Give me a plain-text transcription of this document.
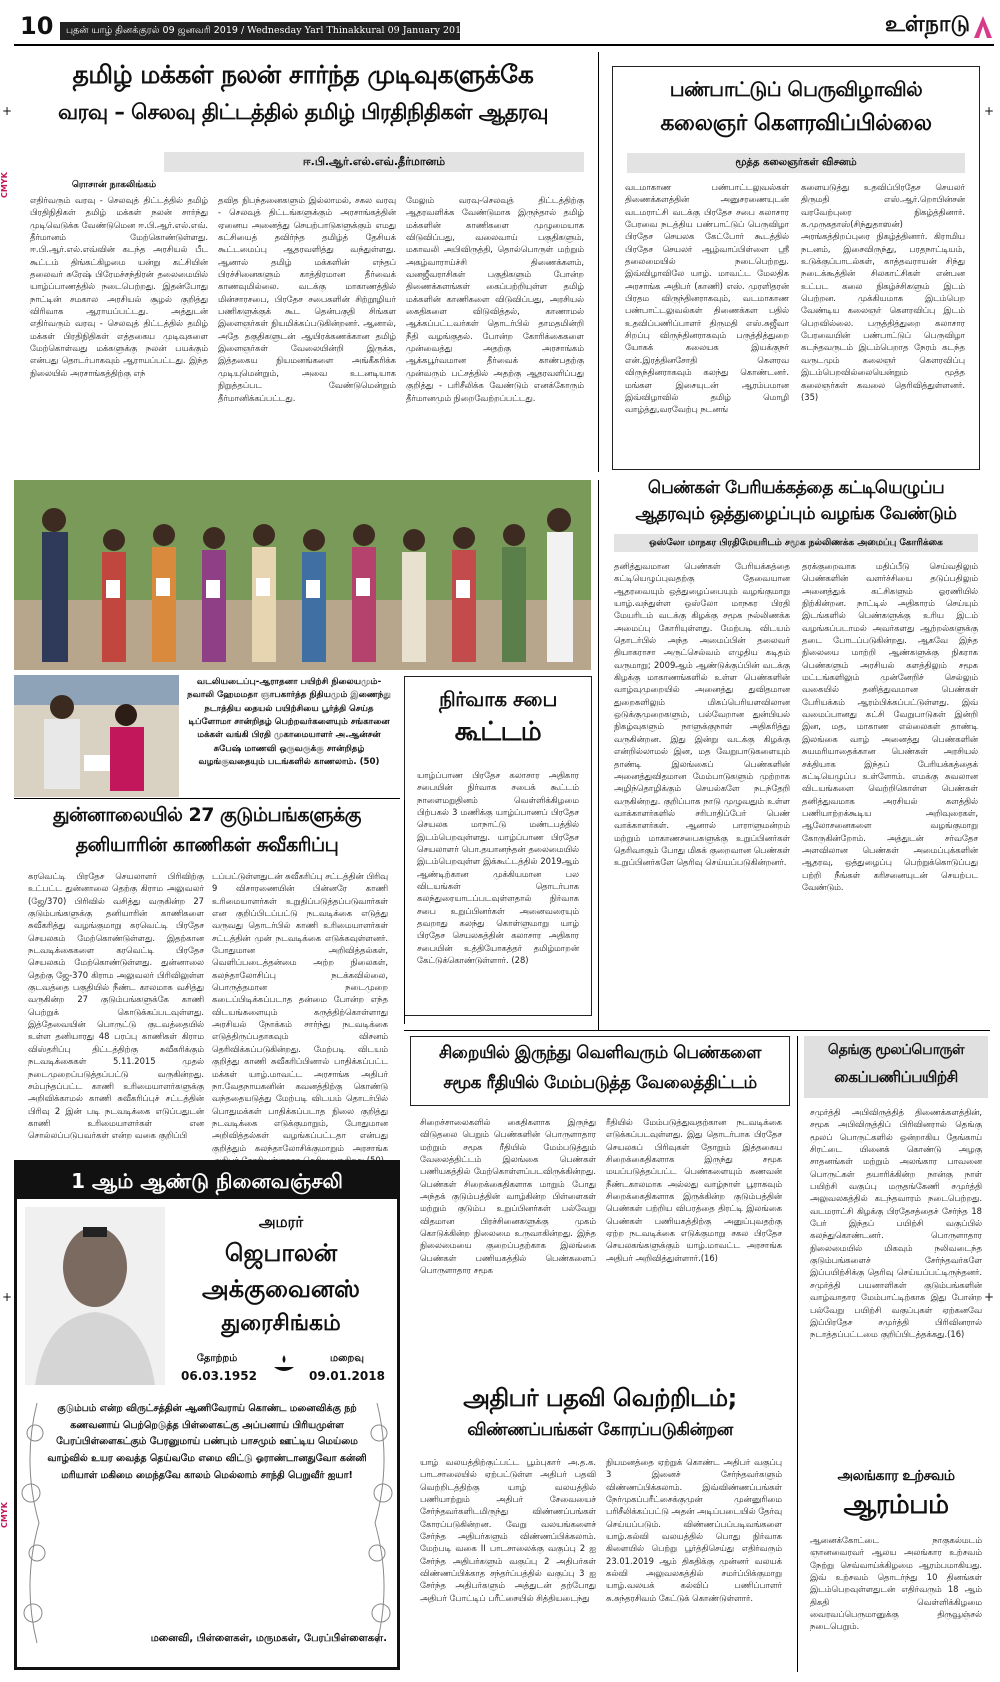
10	புதன் யாழ் தினக்குரல் 09 ஜனவரி 2019 / Wednesday Yarl Thinakkural 09 January 2019	உள்நாடு
CMYK
CMYK
+
+
+
+
தமிழ் மக்கள் நலன் சார்ந்த முடிவுகளுக்கே
வரவு – செலவு திட்டத்தில் தமிழ் பிரதிநிதிகள் ஆதரவு
ஈ.பி.ஆர்.எல்.எவ்.தீர்மானம்
ரொசான் நாகலிங்கம்
எதிர்வரும் வரவு - செலவுத் திட்டத்தில் தமிழ் பிரதிநிதிகள் தமிழ் மக்கள் நலன் சார்ந்து முடிவெடுக்க வேண்டுமென ஈ.பி.ஆர்.எல்.எவ். தீர்மானம் மேற்கொண்டுள்ளது. ஈ.பி.ஆர்.எல்.எவ்வின் கடந்த அரசியல் பீட கூட்டம் திங்கட்கிழமை யன்று கட்சியின் தலைவர் சுரேஷ் பிரேமச்சந்திரன் தலைமையில் யாழ்ப்பாணத்தில் நடைபெற்றது. இதன்போது நாட்டின் சமகால அரசியல் சூழல் குறித்து விரிவாக ஆராயப்பட்டது. அத்துடன் எதிர்வரும் வரவு - செலவுத் திட்டத்தில் தமிழ் மக்கள் பிரதிநிதிகள் எத்தகைய முடிவுகளை மேற்கொள்வது மக்களுக்கு நலன் பயக்கும் என்பது தொடர்பாகவும் ஆராயப்பட்டது. இந்த நிலையில் அரசாங்கத்திற்கு எந்
தவித நிபந்தனைகளும் இல்லாமல், சகல வரவு - செலவுத் திட்டங்களுக்கும் அரசாங்கத்தின் ஏனைய அனைத்து செயற்பாடுகளுக்கும் எமது கட்சியைத் தவிர்ந்த தமிழ்த் தேசியக் கூட்டமைப்பு ஆதரவளித்து வந்துள்ளது. ஆனால் தமிழ் மக்களின் எந்தப் பிரச்சினைகளும் காத்திரமான தீர்வைக் காணவுமில்லை. வடக்கு மாகாணத்தில் மின்சாரசபை, பிரதேச சபைகளின் சிற்றூழியர் பணிகளுக்குக் கூட தென்பகுதி சிங்கள இளைஞர்கள் நியமிக்கப்படுகின்றனர். ஆனால், அதே தகுதிகளுடன் ஆயிரக்கணக்கான தமிழ் இளைஞர்கள் வேலையின்றி இருக்க, இத்தகைய நியமனங்களை அங்கீகரிக்க முடியுமென்றும், அவை உடனடியாக நிறுத்தப்பட வேண்டுமென்றும் தீர்மானிக்கப்பட்டது.
மேலும் வரவு-செலவுத் திட்டத்திற்கு ஆதரவளிக்க வேண்டுமாக இருந்தால் தமிழ் மக்களின் காணிகளை முழுமையாக விடுவிப்பது, வலைவாய் பகுதிகளும், மகாவலி அபிவிருத்தி, தொல்பொருள் மற்றும் அகழ்வாராய்ச்சி திணைக்களம், வனஜீவராசிகள் பகுதிகளும் போன்ற திணைக்களங்கள் கைப்பற்றியுள்ள தமிழ் மக்களின் காணிகளை விடுவிப்பது, அரசியல் கைதிகளை விடுவித்தல், காணாமல் ஆக்கப்பட்டவர்கள் தொடர்பில் தாமதமின்றி நீதி வழங்குதல். போன்ற கோரிக்கைகளை முன்வைத்து அதற்கு அரசாங்கம் ஆக்கபூர்வமான தீர்வைக் காண்பதற்கு முன்வரும் பட்சத்தில் அதற்கு ஆதரவளிப்பது குறித்து - பரிசீலிக்க வேண்டும் எனக்கோரும் தீர்மானமும் நிறைவேற்றப்பட்டது.
பண்பாட்டுப் பெருவிழாவில்
கலைஞர் கௌரவிப்பில்லை
மூத்த கலைஞர்கள் விசனம்
வடமாகாண பண்பாட்டலுவல்கள் திணைக்களத்தின் அனுசரணையுடன் வடமராட்சி வடக்கு பிரதேச சபை கலாசார பேரவை நடத்திய பண்பாட்டுப் பெருவிழா பிரதேச செயலக கேட்போர் கூடத்தில் பிரதேச செயலர் ஆழ்வாப்பிள்ளை ஸ்ரீ தலைமையில் நடைபெற்றது. இவ்விழாவிலே யாழ். மாவட்ட மேலதிக அரசாங்க அதிபர் (காணி) எஸ். முரளிதரன் பிரதம விருந்தினராகவும், வடமாகாண பண்பாட்டலுவல்கள் திணைக்கள பதில் உதவிப்பணிப்பாளர் திருமதி எஸ்.சுஜீவா சிறப்பு விருந்தினராகவும் பருத்தித்துறை யோகக் கலையக இயக்குநர் என்.இரத்தினசோதி கௌரவ விருந்தினராகவும் கலந்து கொண்டனர். மங்கள இசையுடன் ஆரம்பமான இவ்விழாவில் தமிழ் மொழி வாழ்த்து,வரவேற்பு நடனங்
களையடுத்து உதவிப்பிரதேச செயலர் திருமதி எஸ்.ஆர்.றொபின்சன் வரவேற்புரை நிகழ்த்தினார். க.முருகதாஸ்(சிந்துதாஸன்) அரங்கத்திறப்புரை நிகழ்த்தினார். கிராமிய நடனம், இசைவிருந்து, பரதநாட்டியம், உடுக்குப்பாடல்கள், காத்தவராயன் சிந்து நடைக்கூத்தின் சிலகாட்சிகள் என்பன உட்பட கலை நிகழ்ச்சிகளும் இடம் பெற்றன. முக்கியமாக இடம்பெற வேண்டிய கலைஞர் கௌரவிப்பு இடம் பெறவில்லை. பருத்தித்துறை கலாசார பேரவையின் பண்பாட்டுப் பெருவிழா கடந்தவருடம் இடம்பெறாத நேரம் கடந்த வருடமும் கலைஞர் கௌரவிப்பு இடம்பெறவில்லையென்றும் மூத்த கலைஞர்கள் கவலை தெரிவித்துள்ளனர்.(35)
வடலியடைப்பு-ஆராதனா பயிற்சி நிலையமும்-நவாலி ஹேமமதா ஞாபகார்த்த நிதியமும் இணைந்து நடாத்திய தையல் பயிற்சியை பூர்த்தி செய்த டிப்ளோமா சான்றிதழ் பெற்றவர்களையும் சங்கானை மக்கள் வங்கி பிரதி முகாமையாளர் அ.ஆன்சன் சுபேஷ் மாணவி ஒருவருக்கு சான்றிதழ் வழங்குவதையும் படங்களில் காணலாம். (50)
நிர்வாக சபை
கூட்டம்
யாழ்ப்பாண பிரதேச கலாசார அதிகார சபையின் நிர்வாக சபைக் கூட்டம் நாளைமறுதினம் வெள்ளிக்கிழமை பிற்பகல் 3 மணிக்கு யாழ்ப்பாணப் பிரதேச செயலக மாநாட்டு மண்டபத்தில் இடம்பெறவுள்ளது. யாழ்ப்பாண பிரதேச செயலாளர் பொ.தயானந்தன் தலைமையில் இடம்பெறவுள்ள இக்கூட்டத்தில் 2019ஆம் ஆண்டிற்கான முக்கியமான பல விடயங்கள் தொடர்பாக கலந்துரையாடப்படவுள்ளதால் நிர்வாக சபை உறுப்பினர்கள் அனைவரையும் தவறாது கலந்து கொள்ளுமாறு யாழ் பிரதேச செயலகத்தின் கலாசார அதிகார சபையின் உத்தியோகத்தர் தமிழ்மாறன் கேட்டுக்கொண்டுள்ளார். (28)
பெண்கள் பேரியக்கத்தை கட்டியெழுப்ப
ஆதரவும் ஒத்துழைப்பும் வழங்க வேண்டும்
ஒஸ்லோ மாநகர பிரதிமேயரிடம் சமூக நல்லிணக்க அமைப்பு கோரிக்கை
தனித்துவமான பெண்கள் பேரியக்கத்தை கட்டியெழுப்புவதற்கு தேவையான ஆதரவையும் ஒத்துழைப்பையும் வழங்குமாறு யாழ்.வந்துள்ள ஒஸ்லோ மாநகர பிரதி மேயரிடம் வடக்கு கிழக்கு சமூக நல்லிணக்க அமைப்பு கோரியுள்ளது. மேற்படி விடயம் தொடர்பில் அந்த அமைப்பின் தலைவர் தியாகராசா அருட்செல்வம் எழுதிய கடிதம் வருமாறு; 2009ஆம் ஆண்டுக்குப்பின் வடக்கு கிழக்கு மாகாணங்களில் உள்ள பெண்களின் வாழ்வுமுறையில் அனைத்து துவிதமான துறைகளிலும் மிகப்பெரியளவிலான ஒடுக்குமுறைகளும், பல்வேறான துன்பியல் நிகழ்வுகளும் நாளுக்குநாள் அதிகரித்து வருகின்றன. இது இன்று வடக்கு கிழக்கு என்றில்லாமல் இன, மத வேறுபாடுகளையும் தாண்டி இலங்கைப் பெண்களின் அனைத்துவிதமான மேம்பாடுகளும் முற்றாக அழிந்தொழிக்கும் செயல்களே நடந்தேறி வருகின்றது. குறிப்பாக நாடு முழுவதும் உள்ள வாக்காளர்களில் சரிபாதிப்பேர் பெண் வாக்காளர்கள். ஆனால் பாராளுமன்றம் மற்றும் மாகாணசபைகளுக்கு உறுப்பினர்கள் தெரிவாகும் போது மிகக் குறைவான பெண்கள் உறுப்பினர்களே தெரிவு செய்யப்படுகின்றனர்.
தரக்குறைவாக மதிப்பீடு செய்வதிலும் பெண்களின் வளர்ச்சியை தடுப்பதிலும் அனைத்துக் கட்சிகளும் ஓரணியில் நிற்கின்றன. நாட்டில் அதிகாரம் செய்யும் இடங்களில் பெண்களுக்கு உரிய இடம் வழங்கப்படாமல் அவர்களது ஆற்றல்களுக்கு தடை போடப்படுகின்றது. ஆகவே இந்த நிலையை மாற்றி ஆண்களுக்கு நிகராக பெண்களும் அரசியல் களத்திலும் சமூக மட்டங்களிலும் முன்னேறிச் செல்லும் வகையில் தனித்துவமான பெண்கள் பேரியக்கம் ஆரம்பிக்கப்பட்டுள்ளது. இவ் வமைப்பானது கட்சி வேறுபாடுகள் இன்றி இன, மத, மாகாண எல்லைகள் தாண்டி இலங்கை வாழ் அனைத்து பெண்களின் சுயமரியாதைக்கான பெண்கள் அரசியல் சக்தியாக இந்தப் பேரியக்கத்தைக் கட்டியெழுப்ப உள்ளோம். எமக்கு சுவலான விடயங்களை வெற்றிகொள்ள பெண்கள் தனித்துவமாக அரசியல் களத்தில் பணியாற்றக்கூடிய அறிவுரைகள், ஆலோசனைகளை வழங்குமாறு கோருகின்றோம். அத்துடன் சர்வதேச அளவிலான பெண்கள் அமைப்புக்களின் ஆதரவு, ஒத்துழைப்பு பெற்றுக்கொடுப்பது பற்றி நீங்கள் கரிசனையுடன் செயற்பட வேண்டும்.
துன்னாலையில் 27 குடும்பங்களுக்கு
தனியாரின் காணிகள் சுவீகரிப்பு
கரவெட்டி பிரதேச செயலாளர் பிரிவிற்கு உட்பட்ட துன்னாலை தெற்கு கிராம அலுவலர் (ஜே/370) பிரிவில் வசித்து வருகின்ற 27 குடும்பங்களுக்கு தனியாரின் காணிகளை சுவீகரித்து வழங்குமாறு கரவெட்டி பிரதேச செயலகம் மேற்கொண்டுள்ளது. இதற்கான நடவடிக்கைகளை கரவெட்டி பிரதேச செயலகம் மேற்கொண்டுள்ளது. துன்னாலை தெற்கு ஜே-370 கிராம அலுவலர் பிரிவிலுள்ள குடவத்தை பகுதியில் நீண்ட காலமாக வசித்து வருகின்ற 27 குடும்பங்களுக்கே காணி பெற்றுக் கொடுக்கப்படவுள்ளது. இத்தேவையின் பொருட்டு குடவத்தையில் உள்ள தனியாரது 48 பரப்பு காணிகள் கிராம விஸ்தரிப்பு திட்டத்திற்கு சுவீகரிக்கும் நடவடிக்கைகள் 5.11.2015 முதல் நடைமுறைப்படுத்தப்பட்டு வருகின்றது. சம்பந்தப்பட்ட காணி உரிமையாளர்களுக்கு அறிவிக்காமல் காணி சுவீகரிப்புச் சட்டத்தின் பிரிவு 2 இன் படி நடவடிக்கை எடுப்பதுடன் காணி உரிமையாளர்கள் என சொல்லப்படுபவர்கள் என்ற வகை குறிப்பி
டப்பட்டுள்ளதுடன் சுவீகரிப்பு சட்டத்தின் பிரிவு 9 விசாரணையின் பின்னரே காணி உரிமையாளர்கள் உறுதிப்படுத்தப்படுவார்கள் என குறிப்பிடப்பட்டு நடவடிக்கை எடுத்து வருவது தொடர்பில் காணி உரிமையாளர்கள் சட்டத்தின் முன் நடவடிக்கை எடுக்கவுள்ளனர். போதுமான அறிவித்தல்கள், வெளிப்படைத்தன்மை அற்ற நிலைகள், கலந்தாலோசிப்பு நடக்கவில்லை, பொருத்தமான நடைமுறை கடைப்பிடிக்கப்படாத தன்மை போன்ற எந்த விடயங்களையும் கருத்திற்கொள்ளாது அரசியல் நோக்கம் சார்ந்து நடவடிக்கை எடுத்திருப்பதாகவும் விசனம் தெரிவிக்கப்படுகின்றது. மேற்படி விடயம் குறித்து காணி சுவீகரிப்பினால் பாதிக்கப்பட்ட மக்கள் யாழ்.மாவட்ட அரசாங்க அதிபர் நா.வேதநாயகனின் கவனத்திற்கு கொண்டு வந்ததையடுத்து மேற்படி விடயம் தொடர்பில் பொதுமக்கள் பாதிக்கப்படாத நிலை குறித்து நடவடிக்கை எடுக்குமாறும், போதுமான அறிவித்தல்கள் வழங்கப்பட்டதா என்பது குறித்தும் கலந்தாலோசிக்குமாறும் அரசாங்க
1 ஆம் ஆண்டு நினைவஞ்சலி
அமரர்
ஜெபாலன்
அக்குவைனஸ்
துரைசிங்கம்
தோற்றம்	மறைவு
06.03.1952	09.01.2018
குடும்பம் என்ற விருட்சத்தின் ஆணிவேராய் கொண்ட மனைவிக்கு நற் கணவனாய் பெற்றெடுத்த பிள்ளைகட்கு அப்பனாய் பிரியமுள்ள பேரப்பிள்ளைகட்கும் பேரனுமாய் பண்பும் பாசமும் ஊட்டிய மெய்மை வாழ்வில் உயர வைத்த தெய்வமே எமை விட்டு ஓராண்டானதுவோ கன்னி மரியாள் மகிமை மைந்தவே காலம் மெல்லாம் சாந்தி பெறுவீர் ஐயா!
மனைவி, பிள்ளைகள், மருமகள், பேரப்பிள்ளைகள்.
சிறையில் இருந்து வெளிவரும் பெண்களை
சமூக ரீதியில் மேம்படுத்த வேலைத்திட்டம்
சிறைச்சாலைகளில் கைதிகளாக இருந்து விடுதலை பெறும் பெண்களின் பொருளாதார மற்றும் சமூக ரீதியில் மேம்படுத்தும் வேலைத்திட்டம் இலங்கை பெண்கள் பணியகத்தில் மேற்கொள்ளப்படவிருக்கின்றது. பெண்கள் சிறைக்கைதிகளாக மாறும் போது அந்தக் குடும்பத்தின் வாழ்கின்ற பிள்ளைகள் மற்றும் குடும்ப உறுப்பினர்கள் பல்வேறு விதமான பிரச்சினைகளுக்கு முகம் கொடுக்கின்ற நிலைமை உருவாகின்றது. இந்த நிலைமையை குறைப்பதற்காக இலங்கை பெண்கள் பணியகத்தில் பெண்களைப் பொருளாதார சமூக
ரீதியில் மேம்படுத்துவதற்கான நடவடிக்கை எடுக்கப்படவுள்ளது. இது தொடர்பாக பிரதேச செயலகப் பிரிவுகள் தோறும் இத்தகைய சிறைக்கைதிகளாக இருந்து சமூக மயப்படுத்தப்பட்ட பெண்களையும் கணவன் நீண்டகாலமாக அல்லது வாழ்நாள் பூராகவும் சிறைக்கைதிகளாக இருக்கின்ற குடும்பத்தின் பெண்கள் பற்றிய விபரத்தை திரட்டி இலங்கை பெண்கள் பணியகத்திற்கு அனுப்புவதற்கு ஏற்ற நடவடிக்கை எடுக்குமாறு சகல பிரதேச செயலகங்களுக்கும் யாழ்.மாவட்ட அரசாங்க அதிபர் அறிவித்துள்ளார்.(16)
தெங்கு மூலப்பொருள்
கைப்பணிப்பயிற்சி
சமுர்த்தி அபிவிருத்தித் திணைக்களத்தின், சமூக அபிவிருத்திப் பிரிவினரால் தெங்கு மூலப் பொருட்களில் ஒன்றாகிய தேங்காய் சிரட்டை யினைக் கொண்டு அழகு சாதனங்கள் மற்றும் அலங்கார பாவனை பொருட்கள் தயாரிக்கின்ற நான்கு நாள் பயிற்சி வகுப்பு மருதங்கேணி சமுர்த்தி அலுவலகத்தில் கடந்தவாரம் நடைபெற்றது. வடமராட்சி கிழக்கு பிரதேசத்தைச் சேர்ந்த 18 பேர் இந்தப் பயிற்சி வகுப்பில் கலந்துகொண்டனர். பொருளாதார நிலைமையில் மிகவும் நலிவடைந்த குடும்பங்களைச் சேர்ந்தவர்களே இப்பயிற்சிக்கு தெரிவு செய்யப்பட்டிருந்தனர். சமுர்த்தி பயனாளிகள் குடும்பங்களின் வாழ்வாதார மேம்பாட்டிற்காக இது போன்ற பல்வேறு பயிற்சி வகுப்புகள் ஏற்கனவே இப்பிரதேச சமுர்த்தி பிரிவினரால் நடாத்தப்பட்டமை குறிப்பிடத்தக்கது.(16)
அதிபர் பதவி வெற்றிடம்;
விண்ணப்பங்கள் கோரப்படுகின்றன
யாழ் வலயத்திற்குட்பட்ட பூம்புகார் அ.த.க. பாடசாலையில் ஏற்பட்டுள்ள அதிபர் பதவி வெற்றிடத்திற்கு யாழ் வலயத்தில் பணியாற்றும் அதிபர் சேவையைச் சேர்ந்தவர்களிடமிருந்து விண்ணப்பங்கள் கோரப்படுகின்றன. வேறு வலயங்களைச் சேர்ந்த அதிபர்களும் விண்ணப்பிக்கலாம். மேற்படி வகை II பாடசாலைக்கு வகுப்பு 2 ஐ சேர்ந்த அதிபர்களும் வகுப்பு 2 அதிபர்கள் விண்ணப்பிக்காத சந்தர்ப்பத்தில் வகுப்பு 3 ஐ சேர்ந்த அதிபர்களும் அத்துடன் தற்போது அதிபர் போட்டிப் பரீட்சையில் சித்தியடைந்து
நியமனத்தை ஏற்றுக் கொண்ட அதிபர் வகுப்பு 3 இனைச் சேர்ந்தவர்களும் விண்ணப்பிக்கலாம். இவ்விண்ணப்பங்கள் நேர்முகப்பரீட்சைக்குமுன் முன்னுரிமை பரிசீலிக்கப்பட்டு அதன் அடிப்படையில் தேர்வு செய்யப்படும். விண்ணப்பப்படிவங்களை யாழ்.கல்வி வலயத்தில் பொது நிர்வாக கிளையில் பெற்று பூர்த்திசெய்து எதிர்வரும் 23.01.2019 ஆம் திகதிக்கு முன்னர் வலயக் கல்வி அலுவலகத்தில் சமர்ப்பிக்குமாறு யாழ்.வலயக் கல்விப் பணிப்பாளர் சு.சுந்தரசிவம் கேட்டுக் கொண்டுள்ளார்.
அலங்கார உற்சவம்
ஆரம்பம்
ஆனைக்கோட்டை நாகுகல்மடம் ஞானவைரவர் ஆலய அலங்கார உற்சவம் நேற்று செவ்வாய்க்கிழமை ஆரம்பமாகியது. இவ் உற்சவம் தொடர்ந்து 10 தினங்கள் இடம்பெறவுள்ளதுடன் எதிர்வரும் 18 ஆம் திகதி வெள்ளிக்கிழமை வைரவப்பெருமானுக்கு திருவூஞ்சல் நடைபெறும்.
